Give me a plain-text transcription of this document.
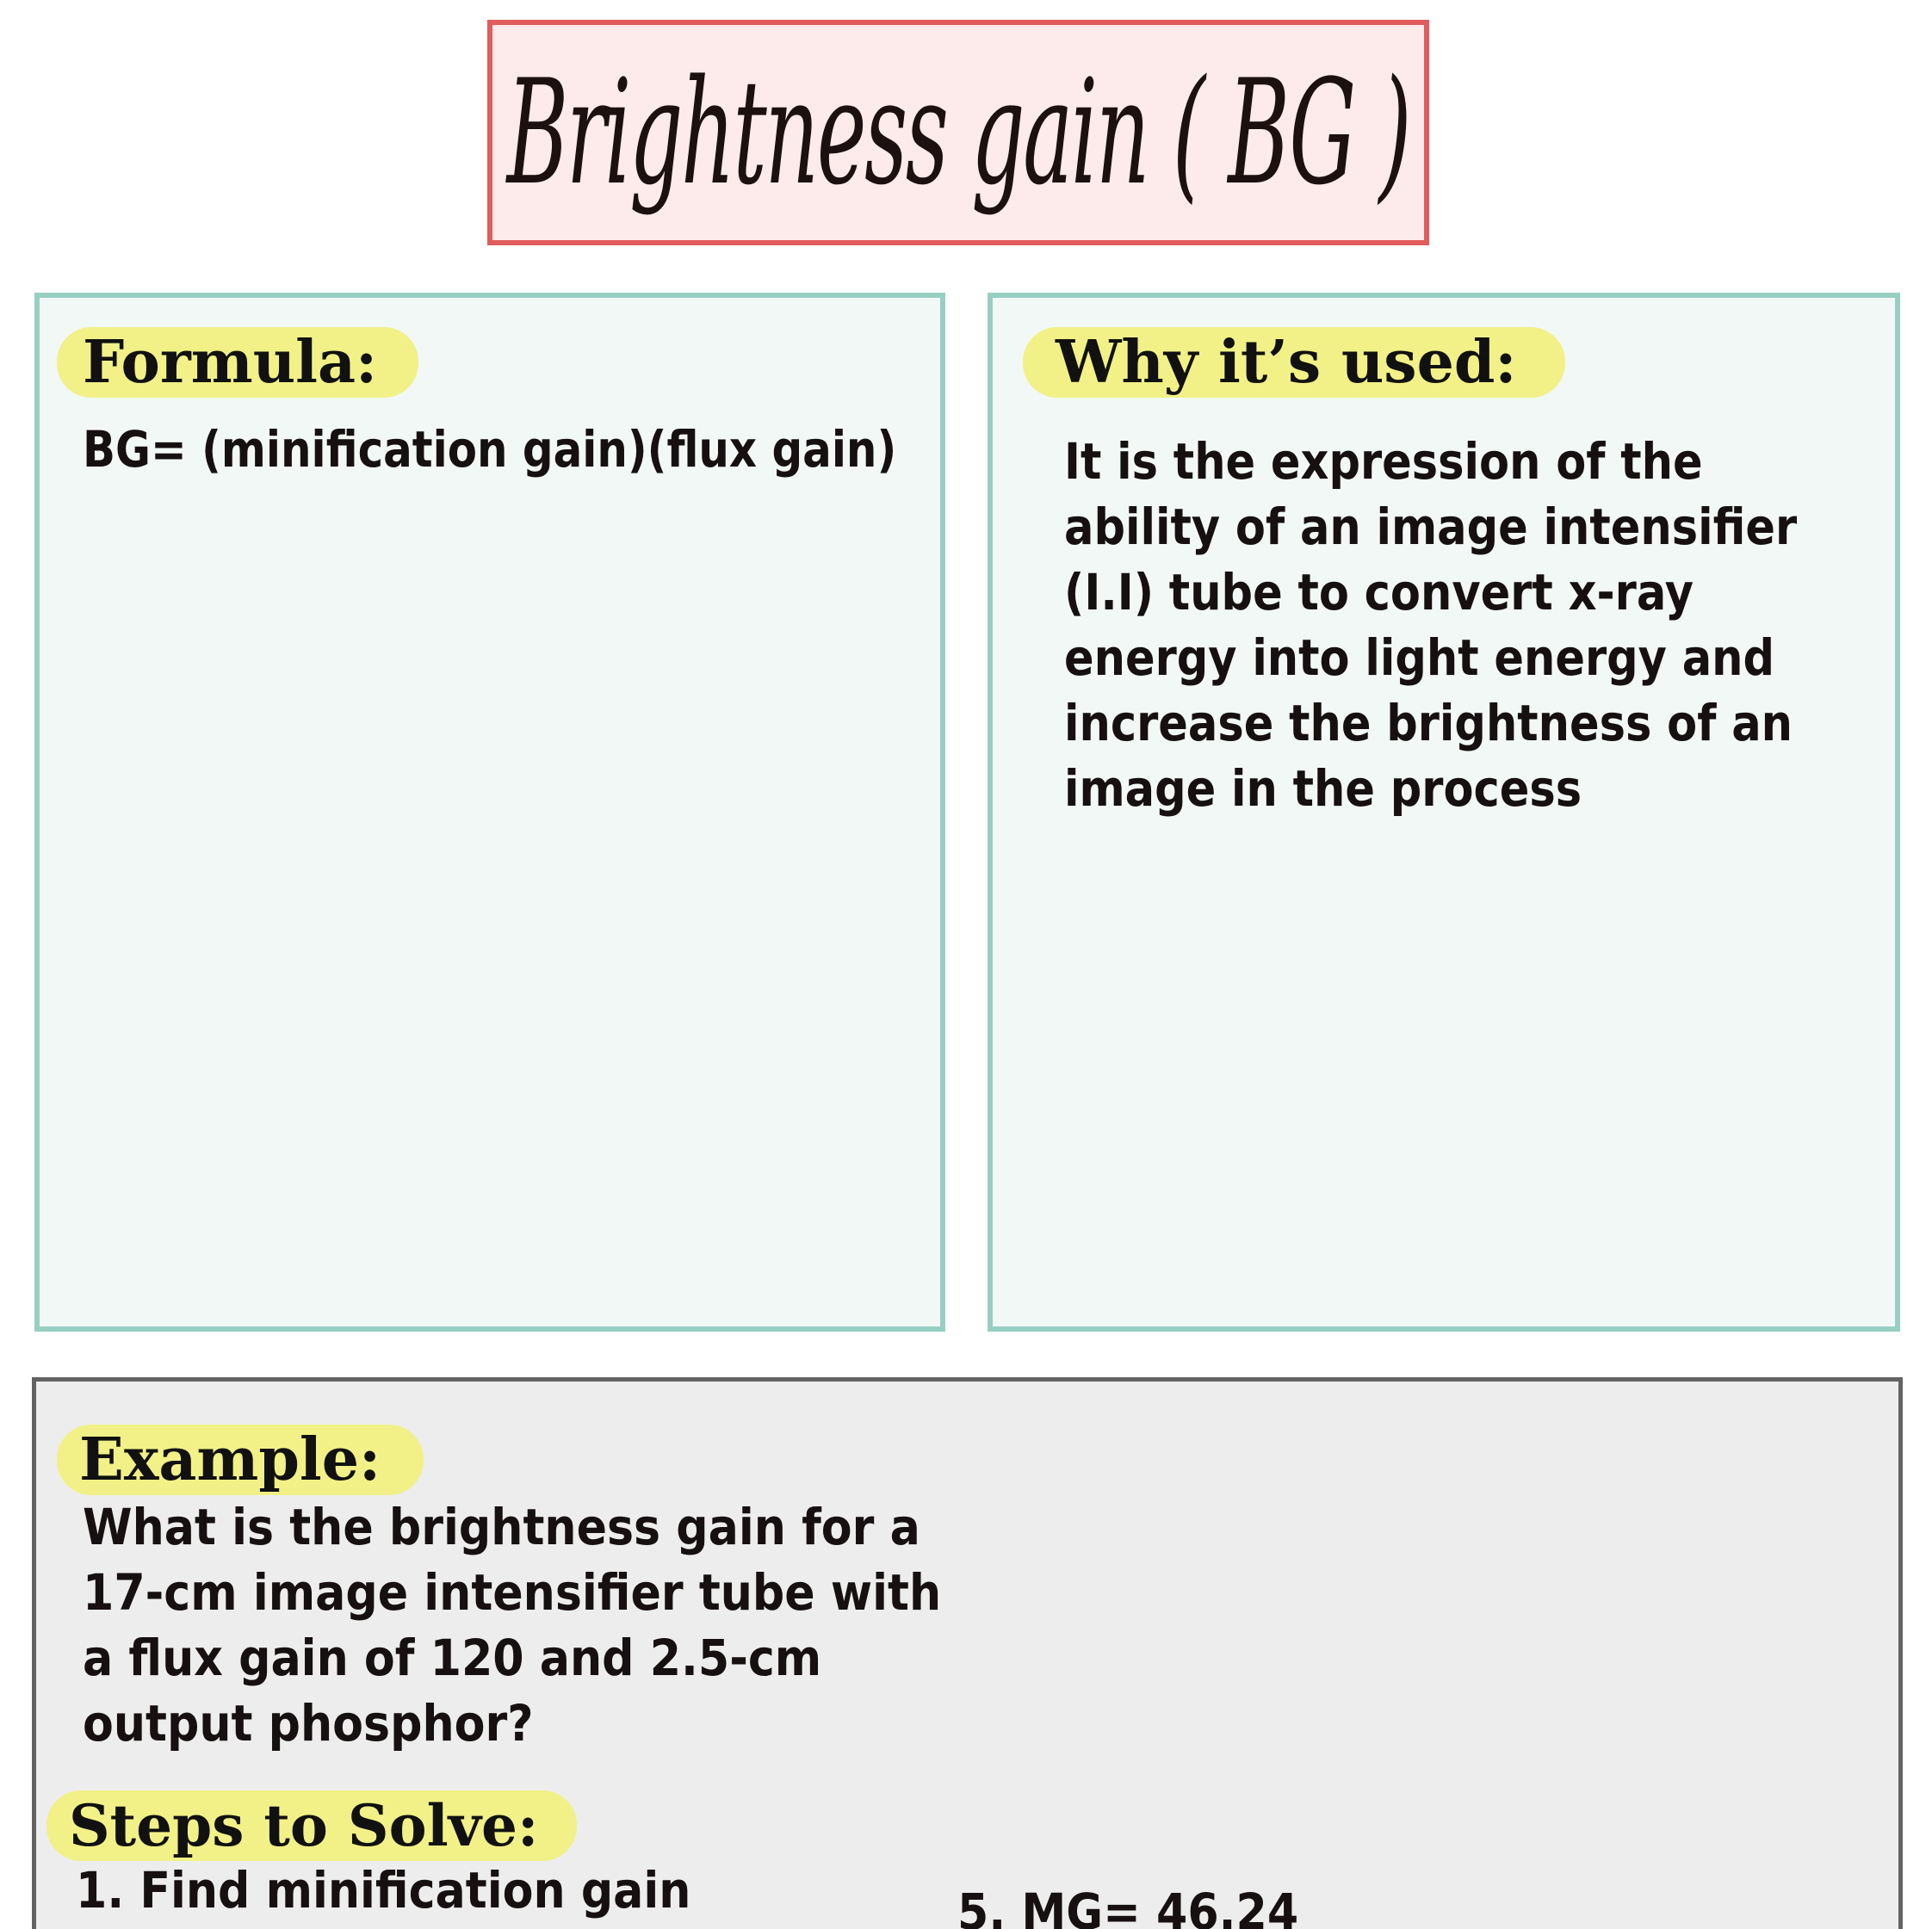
Brightness gain ( BG )
Formula:
BG= (minification gain)(flux gain)
Why it’s used:
It is the expression of the
ability of an image intensifier
(I.I) tube to convert x-ray
energy into light energy and
increase the brightness of an
image in the process
Example:
What is the brightness gain for a
17-cm image intensifier tube with
a flux gain of 120 and 2.5-cm
output phosphor?
Steps to Solve:
1. Find minification gain	5. MG= 46.24
